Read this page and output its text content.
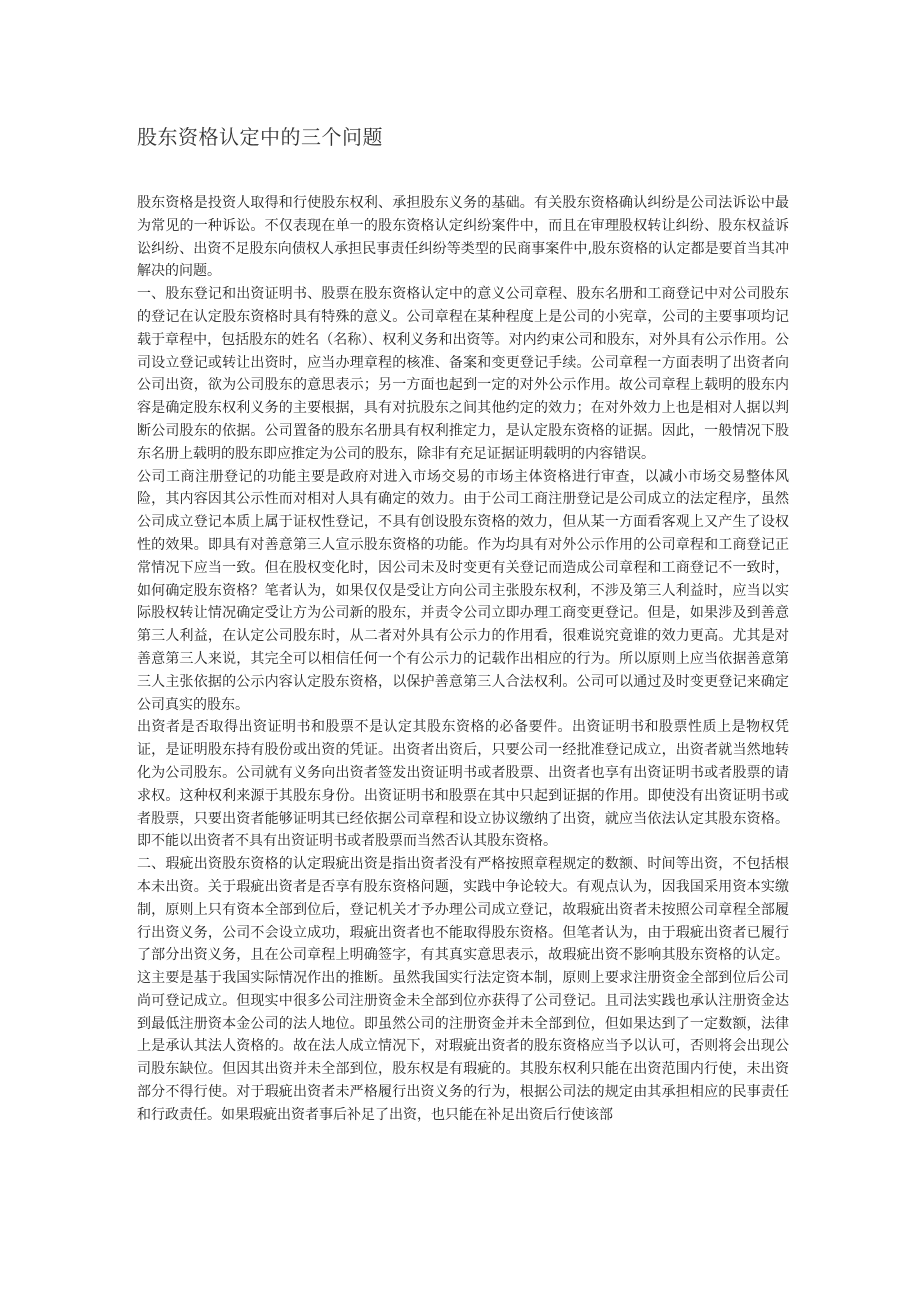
股东资格认定中的三个问题

股东资格是投资人取得和行使股东权利、承担股东义务的基础。有关股东资格确认纠纷是公司法诉讼中最为常见的一种诉讼。不仅表现在单一的股东资格认定纠纷案件中，而且在审理股权转让纠纷、股东权益诉讼纠纷、出资不足股东向债权人承担民事责任纠纷等类型的民商事案件中,股东资格的认定都是要首当其冲解决的问题。

一、股东登记和出资证明书、股票在股东资格认定中的意义公司章程、股东名册和工商登记中对公司股东的登记在认定股东资格时具有特殊的意义。公司章程在某种程度上是公司的小宪章，公司的主要事项均记载于章程中，包括股东的姓名（名称）、权利义务和出资等。对内约束公司和股东，对外具有公示作用。公司设立登记或转让出资时，应当办理章程的核准、备案和变更登记手续。公司章程一方面表明了出资者向公司出资，欲为公司股东的意思表示；另一方面也起到一定的对外公示作用。故公司章程上载明的股东内容是确定股东权利义务的主要根据，具有对抗股东之间其他约定的效力；在对外效力上也是相对人据以判断公司股东的依据。公司置备的股东名册具有权利推定力，是认定股东资格的证据。因此，一般情况下股东名册上载明的股东即应推定为公司的股东，除非有充足证据证明载明的内容错误。

公司工商注册登记的功能主要是政府对进入市场交易的市场主体资格进行审查，以减小市场交易整体风险，其内容因其公示性而对相对人具有确定的效力。由于公司工商注册登记是公司成立的法定程序，虽然公司成立登记本质上属于证权性登记，不具有创设股东资格的效力，但从某一方面看客观上又产生了设权性的效果。即具有对善意第三人宣示股东资格的功能。作为均具有对外公示作用的公司章程和工商登记正常情况下应当一致。但在股权变化时，因公司未及时变更有关登记而造成公司章程和工商登记不一致时，如何确定股东资格？笔者认为，如果仅仅是受让方向公司主张股东权利，不涉及第三人利益时，应当以实际股权转让情况确定受让方为公司新的股东，并责令公司立即办理工商变更登记。但是，如果涉及到善意第三人利益，在认定公司股东时，从二者对外具有公示力的作用看，很难说究竟谁的效力更高。尤其是对善意第三人来说，其完全可以相信任何一个有公示力的记载作出相应的行为。所以原则上应当依据善意第三人主张依据的公示内容认定股东资格，以保护善意第三人合法权利。公司可以通过及时变更登记来确定公司真实的股东。

出资者是否取得出资证明书和股票不是认定其股东资格的必备要件。出资证明书和股票性质上是物权凭证，是证明股东持有股份或出资的凭证。出资者出资后，只要公司一经批准登记成立，出资者就当然地转化为公司股东。公司就有义务向出资者签发出资证明书或者股票、出资者也享有出资证明书或者股票的请求权。这种权利来源于其股东身份。出资证明书和股票在其中只起到证据的作用。即使没有出资证明书或者股票，只要出资者能够证明其已经依据公司章程和设立协议缴纳了出资，就应当依法认定其股东资格。即不能以出资者不具有出资证明书或者股票而当然否认其股东资格。

二、瑕疵出资股东资格的认定瑕疵出资是指出资者没有严格按照章程规定的数额、时间等出资，不包括根本未出资。关于瑕疵出资者是否享有股东资格问题，实践中争论较大。有观点认为，因我国采用资本实缴制，原则上只有资本全部到位后，登记机关才予办理公司成立登记，故瑕疵出资者未按照公司章程全部履行出资义务，公司不会设立成功，瑕疵出资者也不能取得股东资格。但笔者认为，由于瑕疵出资者已履行了部分出资义务，且在公司章程上明确签字，有其真实意思表示，故瑕疵出资不影响其股东资格的认定。这主要是基于我国实际情况作出的推断。虽然我国实行法定资本制，原则上要求注册资金全部到位后公司尚可登记成立。但现实中很多公司注册资金未全部到位亦获得了公司登记。且司法实践也承认注册资金达到最低注册资本金公司的法人地位。即虽然公司的注册资金并未全部到位，但如果达到了一定数额，法律上是承认其法人资格的。故在法人成立情况下，对瑕疵出资者的股东资格应当予以认可，否则将会出现公司股东缺位。但因其出资并未全部到位，股东权是有瑕疵的。其股东权利只能在出资范围内行使，未出资部分不得行使。对于瑕疵出资者未严格履行出资义务的行为，根据公司法的规定由其承担相应的民事责任和行政责任。如果瑕疵出资者事后补足了出资，也只能在补足出资后行使该部
